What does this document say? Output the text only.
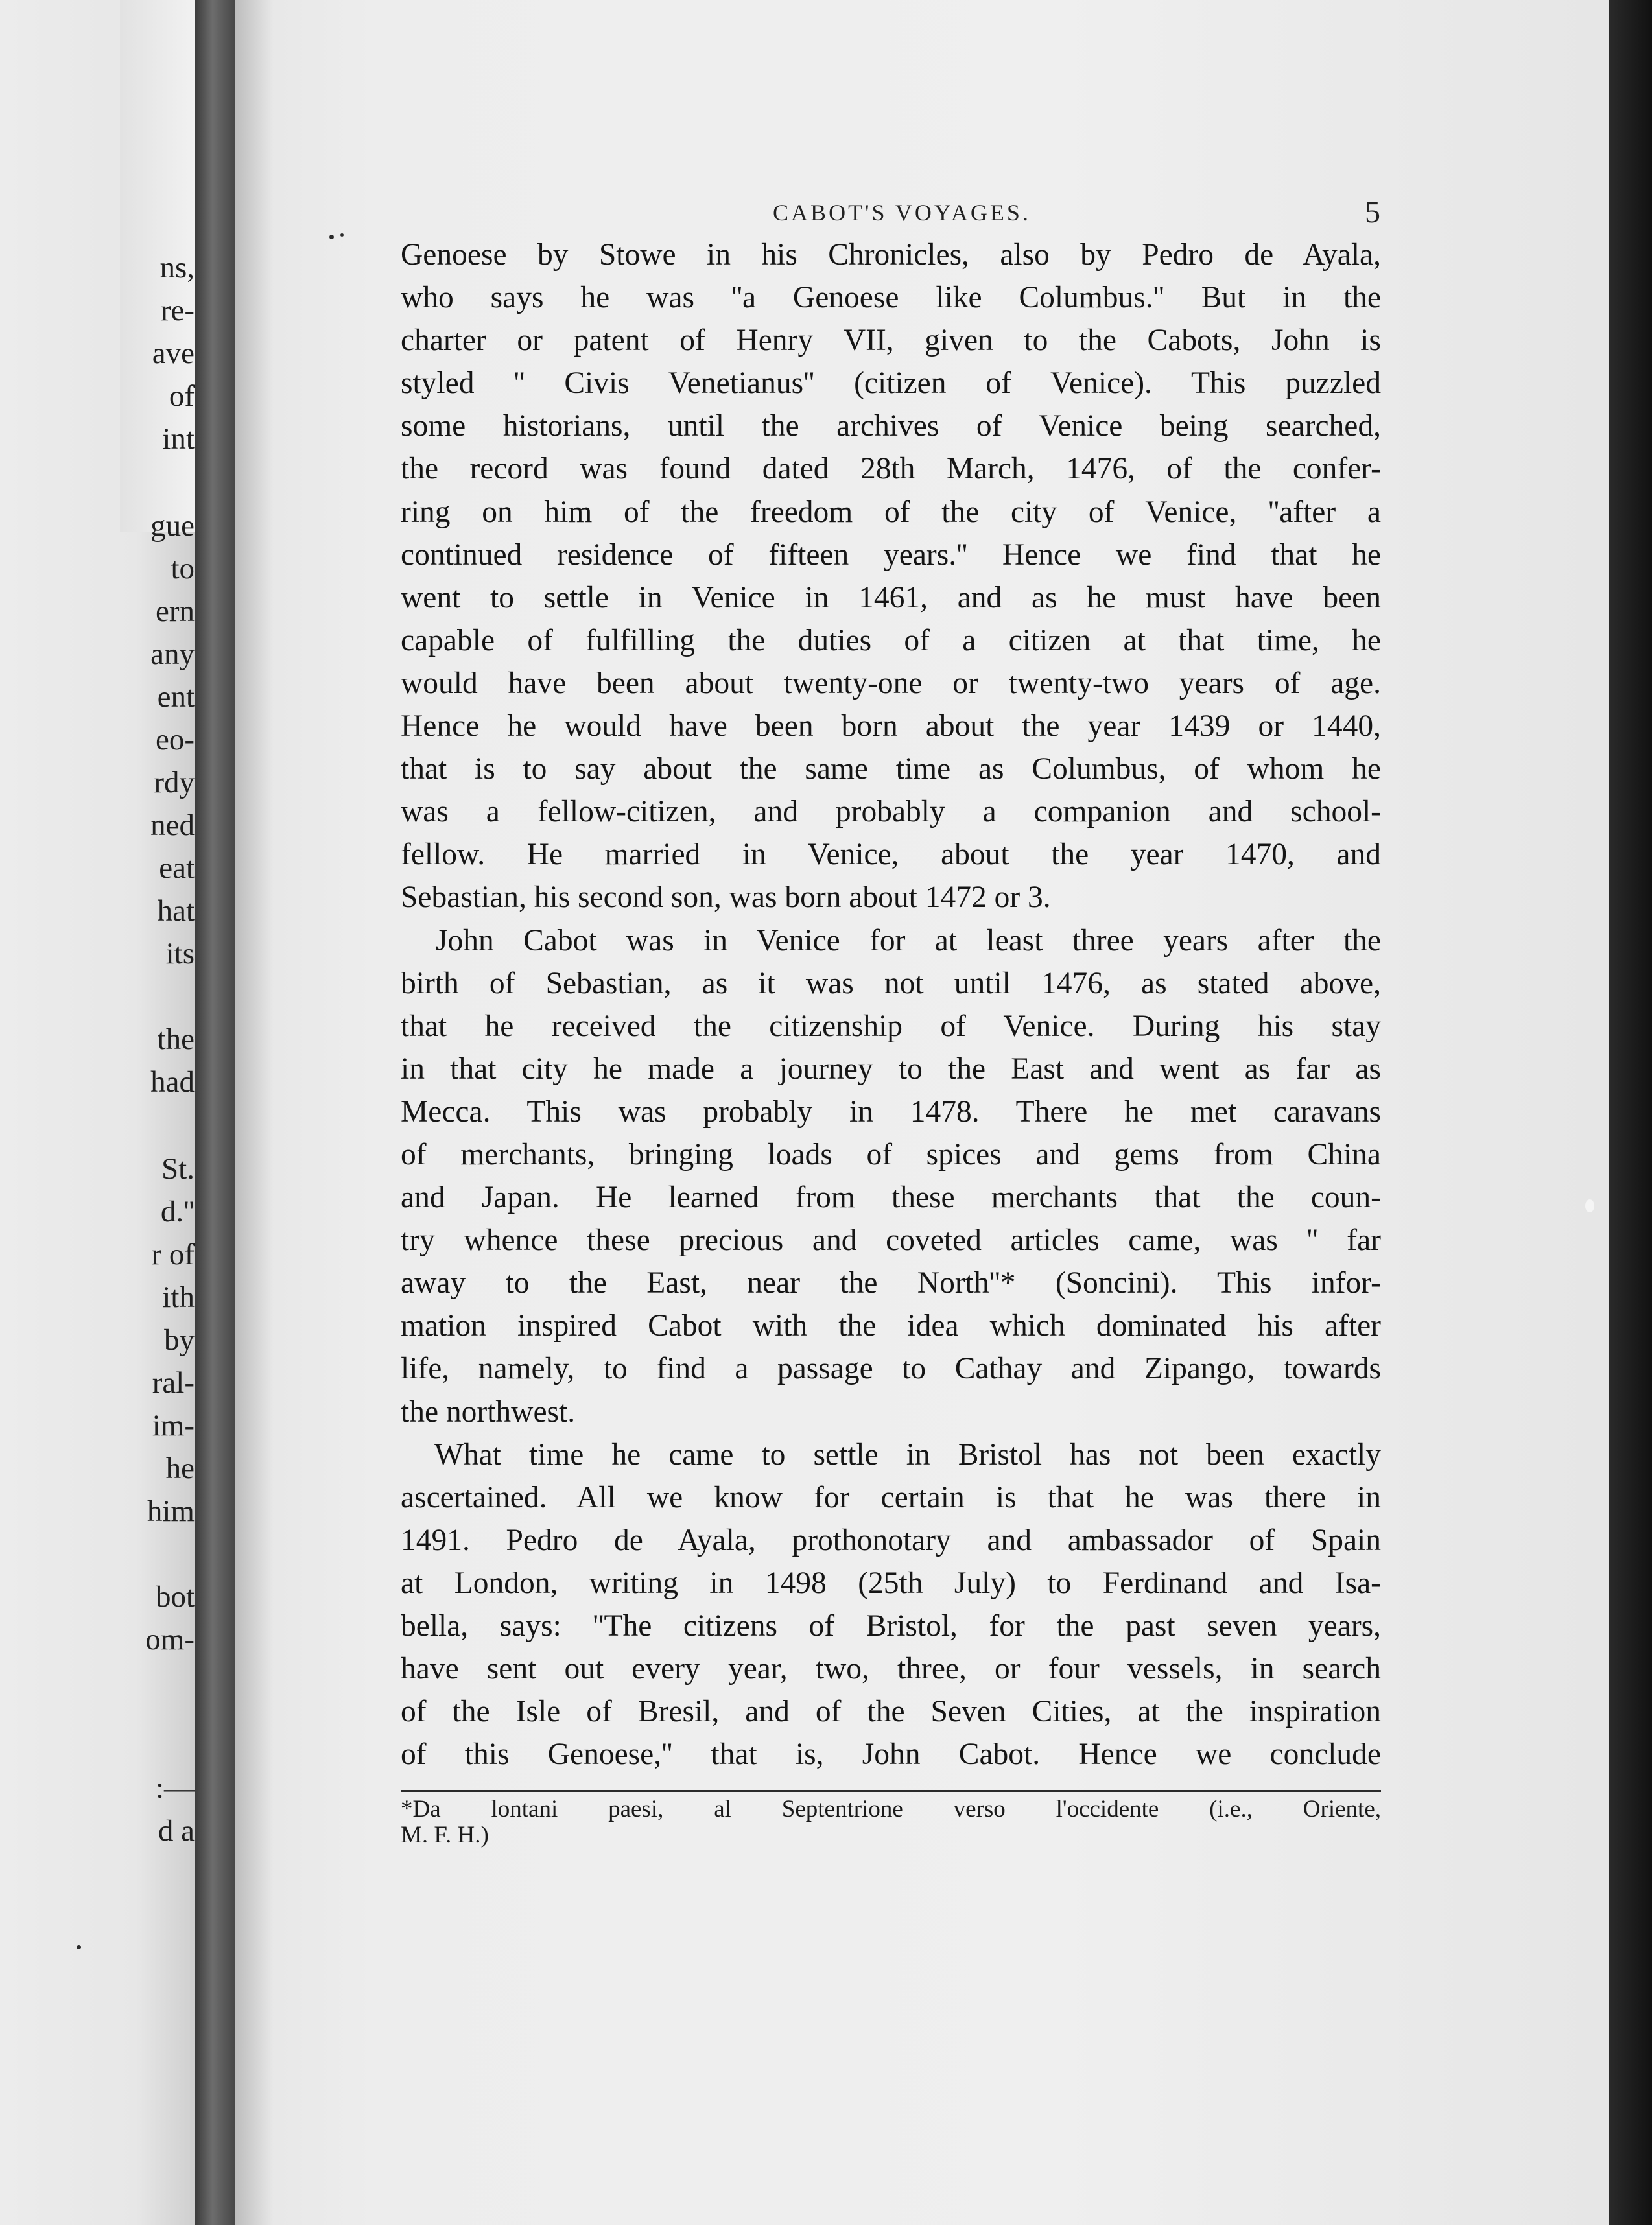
ns,
re-
ave
of
int
gue
to
ern
any
ent
eo-
rdy
ned
eat
hat
its
the
had
St.
d.''
r of
ith
by
ral-
im-
he
him
bot
om-
:—
d a
CABOT'S VOYAGES.	5

Genoese by Stowe in his Chronicles, also by Pedro de Ayala,

who says he was ''a Genoese like Columbus.'' But in the

charter or patent of Henry VII, given to the Cabots, John is

styled '' Civis Venetianus'' (citizen of Venice). This puzzled

some historians, until the archives of Venice being searched,

the record was found dated 28th March, 1476, of the confer-

ring on him of the freedom of the city of Venice, ''after a

continued residence of fifteen years.'' Hence we find that he

went to settle in Venice in 1461, and as he must have been

capable of fulfilling the duties of a citizen at that time, he

would have been about twenty-one or twenty-two years of age.

Hence he would have been born about the year 1439 or 1440,

that is to say about the same time as Columbus, of whom he

was a fellow-citizen, and probably a companion and school-

fellow. He married in Venice, about the year 1470, and

Sebastian, his second son, was born about 1472 or 3.

John Cabot was in Venice for at least three years after the

birth of Sebastian, as it was not until 1476, as stated above,

that he received the citizenship of Venice. During his stay

in that city he made a journey to the East and went as far as

Mecca. This was probably in 1478. There he met caravans

of merchants, bringing loads of spices and gems from China

and Japan. He learned from these merchants that the coun-

try whence these precious and coveted articles came, was '' far

away to the East, near the North''* (Soncini). This infor-

mation inspired Cabot with the idea which dominated his after

life, namely, to find a passage to Cathay and Zipango, towards

the northwest.

What time he came to settle in Bristol has not been exactly

ascertained. All we know for certain is that he was there in

1491. Pedro de Ayala, prothonotary and ambassador of Spain

at London, writing in 1498 (25th July) to Ferdinand and Isa-

bella, says: ''The citizens of Bristol, for the past seven years,

have sent out every year, two, three, or four vessels, in search

of the Isle of Bresil, and of the Seven Cities, at the inspiration

of this Genoese,'' that is, John Cabot. Hence we conclude

*Da lontani paesi, al Septentrione verso l'occidente (i.e., Oriente,

M. F. H.)
